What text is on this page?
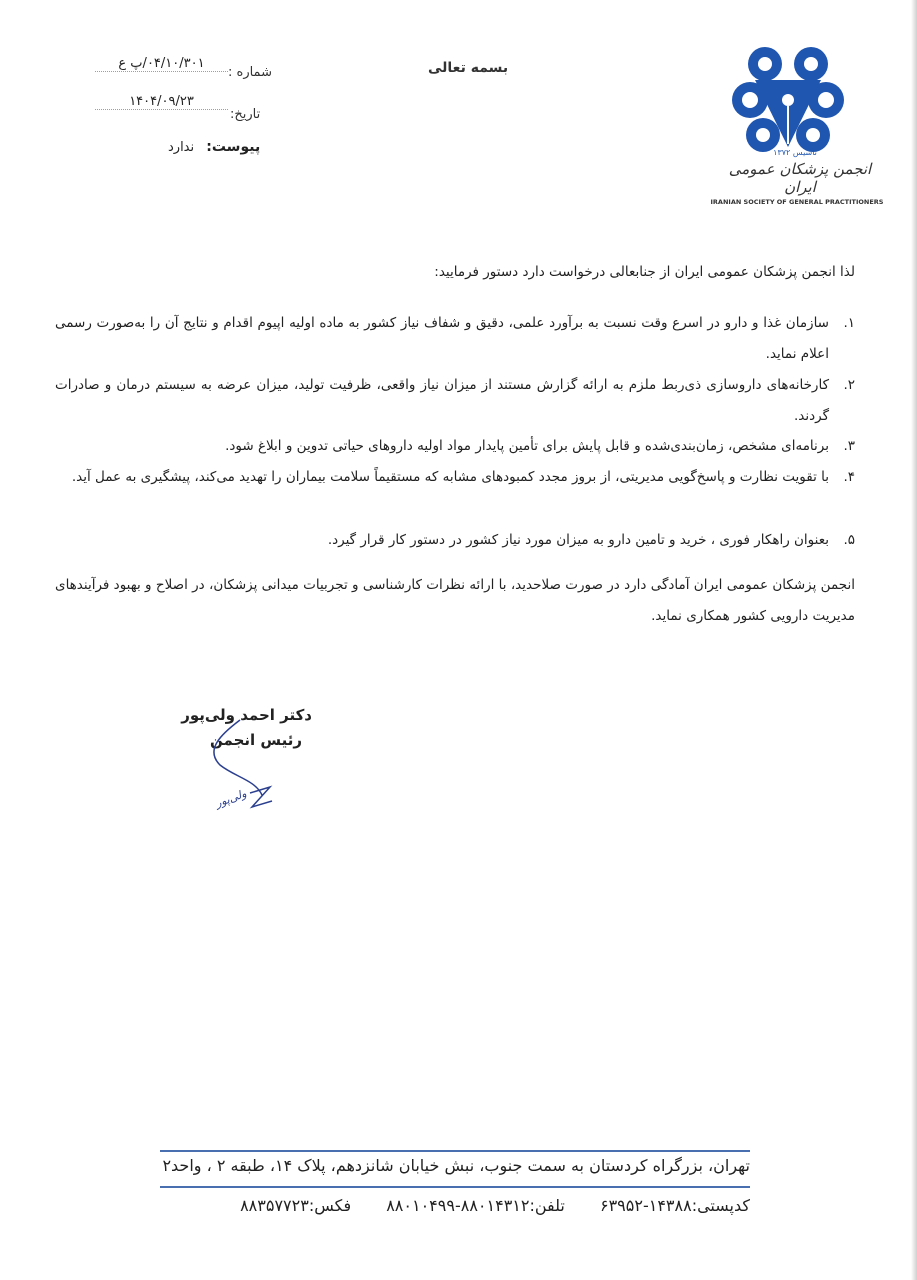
بسمه تعالی
شماره :
۰۴/۱۰/۳۰۱/پ ع
تاریخ:
۱۴۰۴/۰۹/۲۳
پیوست: ندارد	تاسیس ۱۳۷۲
انجمن پزشکان عمومی ایران
IRANIAN SOCIETY OF GENERAL PRACTITIONERS
لذا انجمن پزشکان عمومی ایران از جنابعالی درخواست دارد دستور فرمایید:
۱.
سازمان غذا و دارو در اسرع وقت نسبت به برآورد علمی، دقیق و شفاف نیاز کشور به ماده اولیه اپیوم اقدام و نتایج آن را به‌صورت رسمی اعلام نماید.
۲.
کارخانه‌های داروسازی ذی‌ربط ملزم به ارائه گزارش مستند از میزان نیاز واقعی، ظرفیت تولید، میزان عرضه به سیستم درمان و صادرات گردند.
۳.
برنامه‌ای مشخص، زمان‌بندی‌شده و قابل پایش برای تأمین پایدار مواد اولیه داروهای حیاتی تدوین و ابلاغ شود.
۴.
با تقویت نظارت و پاسخ‌گویی مدیریتی، از بروز مجدد کمبودهای مشابه که مستقیماً سلامت بیماران را تهدید می‌کند، پیشگیری به عمل آید.
۵.
بعنوان راهکار فوری ، خرید و تامین دارو به میزان مورد نیاز کشور در دستور کار قرار گیرد.
انجمن پزشکان عمومی ایران آمادگی دارد در صورت صلاحدید، با ارائه نظرات کارشناسی و تجربیات میدانی پزشکان، در اصلاح و بهبود فرآیندهای مدیریت دارویی کشور همکاری نماید.
دکتر احمد ولی‌پور
رئیس انجمن
ولی‌پور
تهران، بزرگراه کردستان به سمت جنوب، نبش خیابان شانزدهم، پلاک ۱۴، طبقه ۲ ، واحد۲
کدپستی:۱۴۳۸۸-۶۳۹۵۲ تلفن:۸۸۰۱۴۳۱۲-۸۸۰۱۰۴۹۹ فکس:۸۸۳۵۷۷۲۳
